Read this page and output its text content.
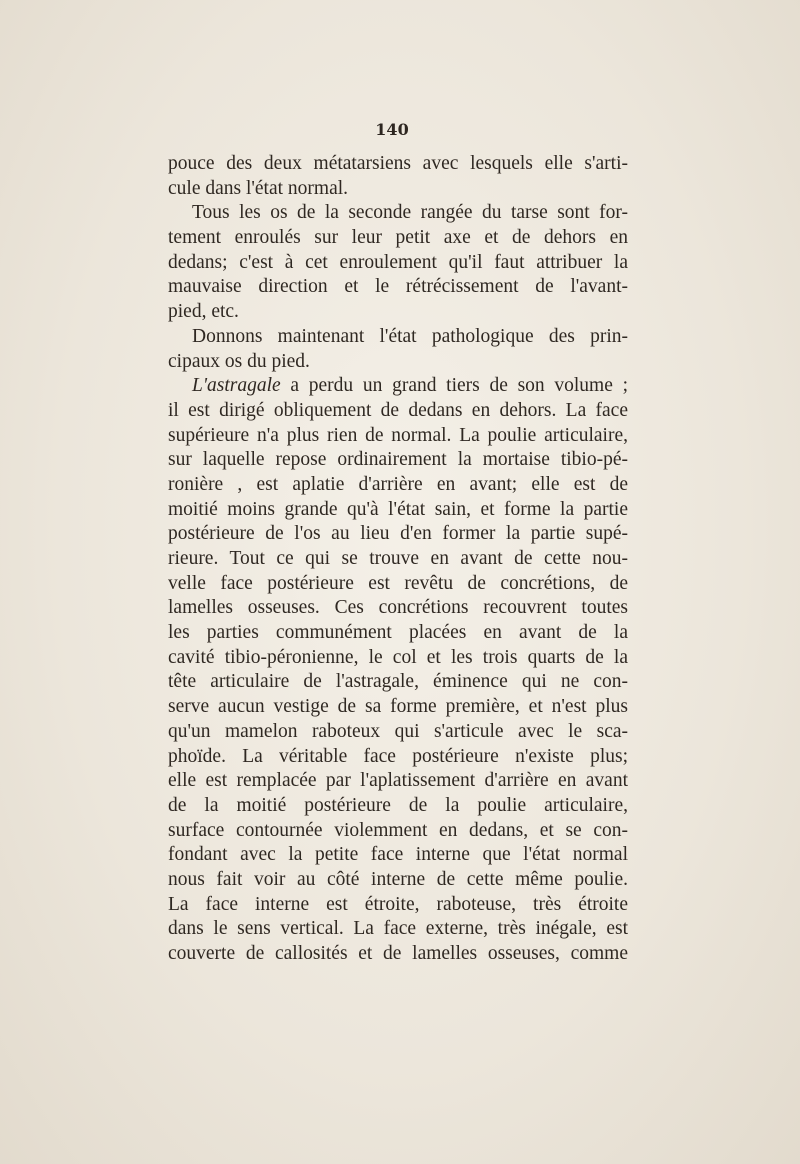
140
pouce des deux métatarsiens avec lesquels elle s'arti-
cule dans l'état normal.
Tous les os de la seconde rangée du tarse sont for-
tement enroulés sur leur petit axe et de dehors en
dedans; c'est à cet enroulement qu'il faut attribuer la
mauvaise direction et le rétrécissement de l'avant-
pied, etc.
Donnons maintenant l'état pathologique des prin-
cipaux os du pied.
L'astragale a perdu un grand tiers de son volume ;
il est dirigé obliquement de dedans en dehors. La face
supérieure n'a plus rien de normal. La poulie articulaire,
sur laquelle repose ordinairement la mortaise tibio-pé-
ronière , est aplatie d'arrière en avant; elle est de
moitié moins grande qu'à l'état sain, et forme la partie
postérieure de l'os au lieu d'en former la partie supé-
rieure. Tout ce qui se trouve en avant de cette nou-
velle face postérieure est revêtu de concrétions, de
lamelles osseuses. Ces concrétions recouvrent toutes
les parties communément placées en avant de la
cavité tibio-péronienne, le col et les trois quarts de la
tête articulaire de l'astragale, éminence qui ne con-
serve aucun vestige de sa forme première, et n'est plus
qu'un mamelon raboteux qui s'articule avec le sca-
phoïde. La véritable face postérieure n'existe plus;
elle est remplacée par l'aplatissement d'arrière en avant
de la moitié postérieure de la poulie articulaire,
surface contournée violemment en dedans, et se con-
fondant avec la petite face interne que l'état normal
nous fait voir au côté interne de cette même poulie.
La face interne est étroite, raboteuse, très étroite
dans le sens vertical. La face externe, très inégale, est
couverte de callosités et de lamelles osseuses, comme
